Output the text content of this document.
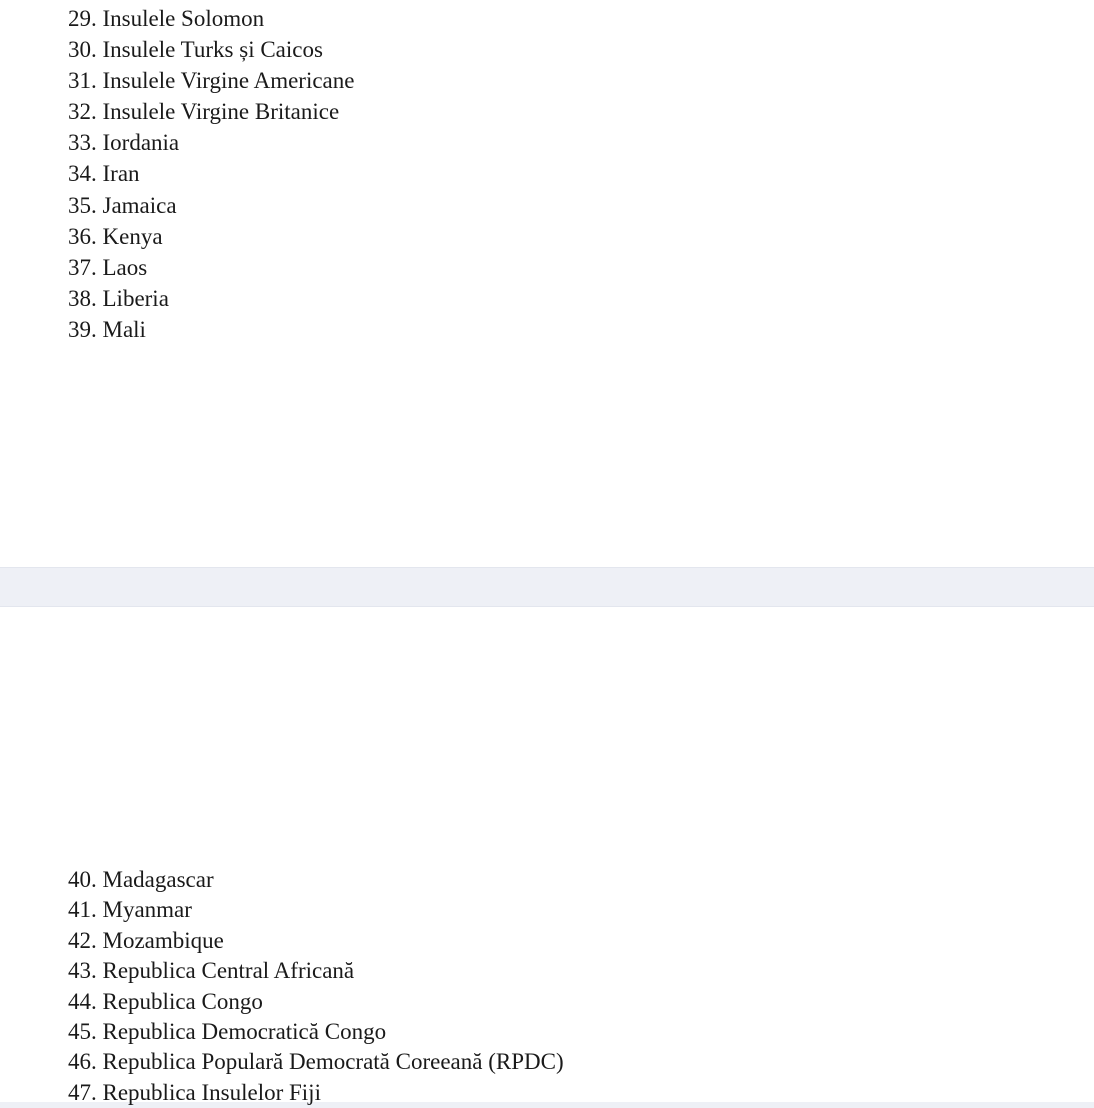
29. Insulele Solomon
30. Insulele Turks și Caicos
31. Insulele Virgine Americane
32. Insulele Virgine Britanice
33. Iordania
34. Iran
35. Jamaica
36. Kenya
37. Laos
38. Liberia
39. Mali
40. Madagascar
41. Myanmar
42. Mozambique
43. Republica Central Africană
44. Republica Congo
45. Republica Democratică Congo
46. Republica Populară Democrată Coreeană (RPDC)
47. Republica Insulelor Fiji
